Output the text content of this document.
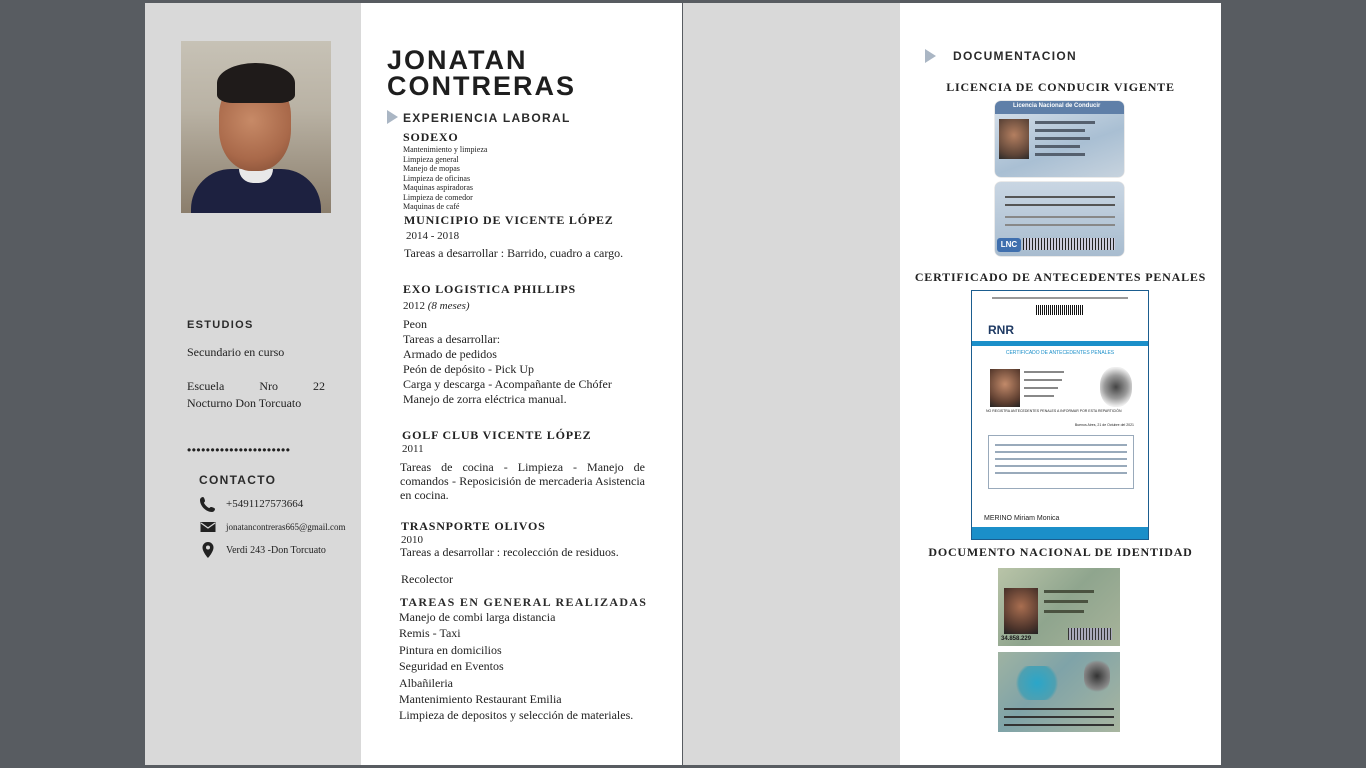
ESTUDIOS
Secundario en curso
Escuela Nro 22
Nocturno Don Torcuato
••••••••••••••••••••••
CONTACTO
+5491127573664
jonatancontreras665@gmail.com
Verdi 243 -Don Torcuato
JONATAN
CONTRERAS
EXPERIENCIA LABORAL
SODEXO
Mantenimiento y limpieza
Limpieza general
Manejo de mopas
Limpieza de oficinas
Maquinas aspiradoras
Limpieza de comedor
Maquinas de café
MUNICIPIO DE VICENTE LÓPEZ
2014 - 2018
Tareas a desarrollar : Barrido, cuadro a cargo.
EXO LOGISTICA PHILLIPS
2012 (8 meses)
Peon
Tareas a desarrollar:
Armado de pedidos
Peón de depósito - Pick Up
Carga y descarga - Acompañante de Chófer
Manejo de zorra eléctrica manual.
GOLF CLUB VICENTE LÓPEZ
2011
Tareas de cocina - Limpieza - Manejo de comandos - Reposicisión de mercaderia Asistencia en cocina.
TRASNPORTE OLIVOS
2010
Tareas a desarrollar : recolección de residuos.
Recolector
TAREAS EN GENERAL REALIZADAS
Manejo de combi larga distancia
Remis - Taxi
Pintura en domicilios
Seguridad en Eventos
Albañileria
Mantenimiento Restaurant Emilia
Limpieza de depositos y selección de materiales.
DOCUMENTACION
LICENCIA DE CONDUCIR VIGENTE
Licencia Nacional de Conducir
LNC
CERTIFICADO DE ANTECEDENTES PENALES
RNR
CERTIFICADO DE ANTECEDENTES PENALES
NO REGISTRA ANTECEDENTES PENALES A INFORMAR POR ESTA REPARTICIÓN
Buenos Aires, 21 de Octubre del 2021
MERINO Miriam Monica
DOCUMENTO NACIONAL DE IDENTIDAD
34.858.229
